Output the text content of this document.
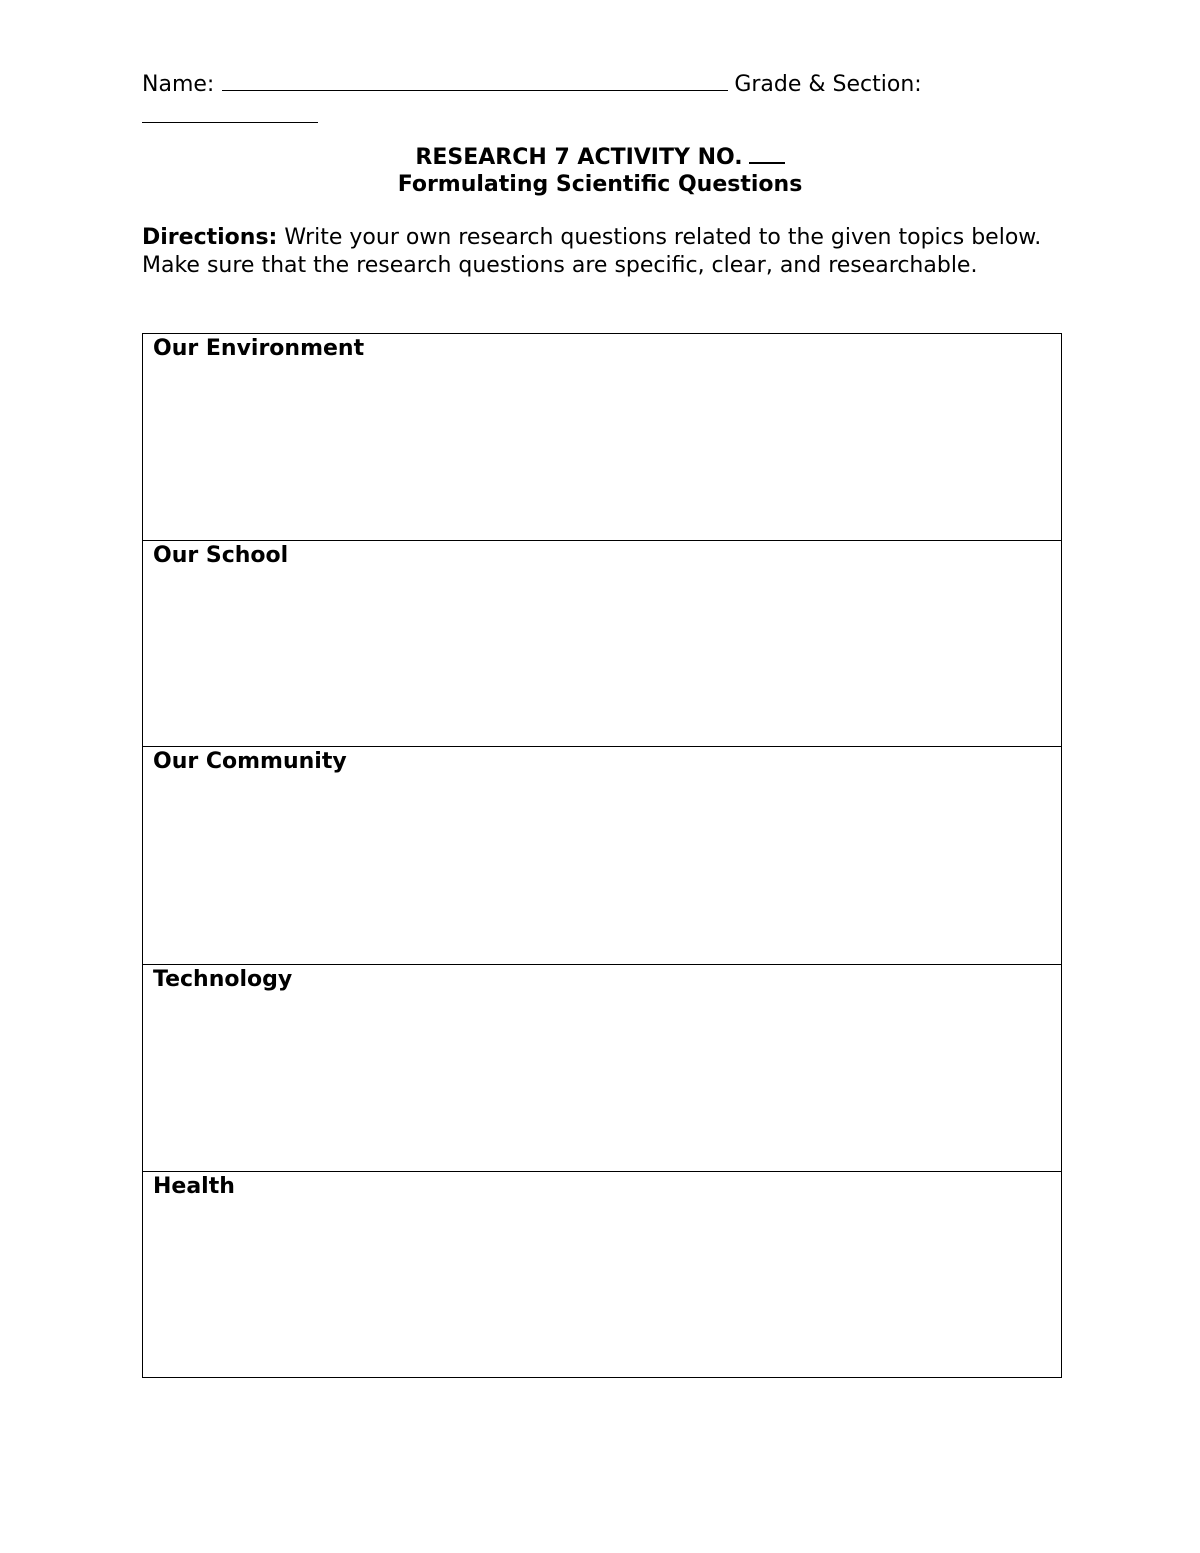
Name:	Grade & Section:
RESEARCH 7 ACTIVITY NO.
Formulating Scientific Questions
Directions: Write your own research questions related to the given topics below. Make sure that the research questions are specific, clear, and researchable.
Our Environment

Our School

Our Community

Technology

Health
